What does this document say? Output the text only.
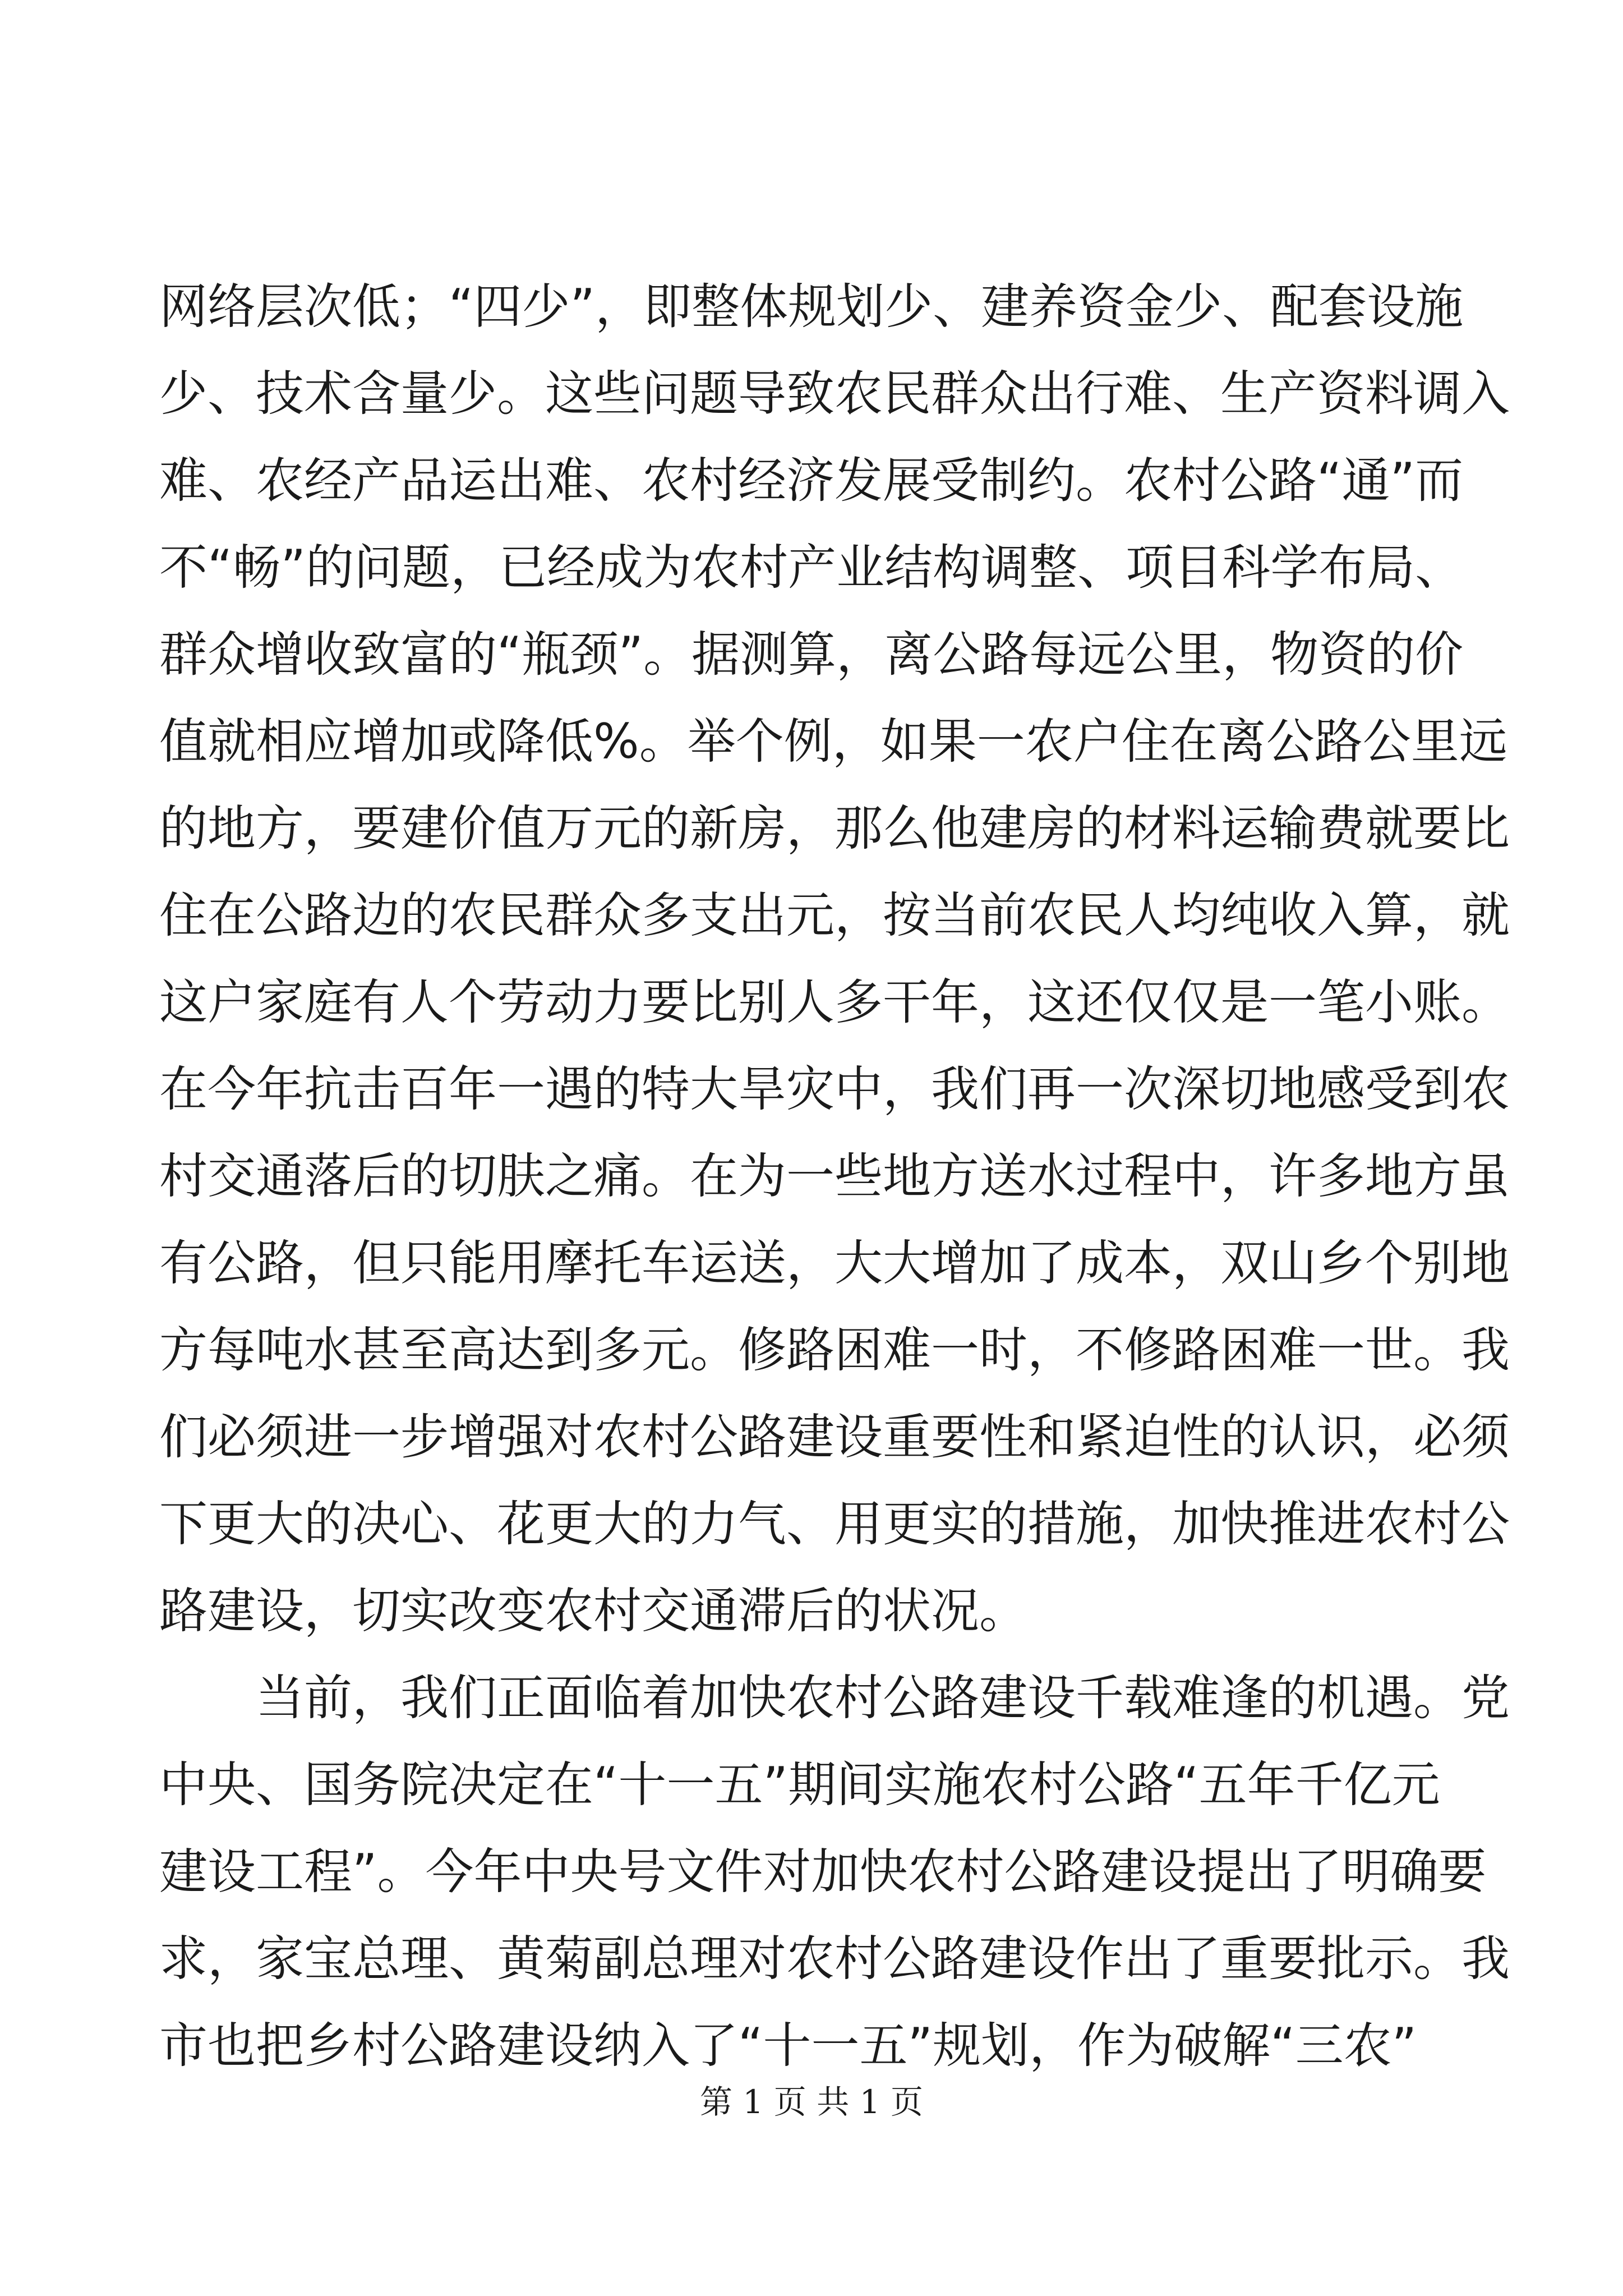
网络层次低；“四少”，即整体规划少、建养资金少、配套设施
少、技术含量少。这些问题导致农民群众出行难、生产资料调入
难、农经产品运出难、农村经济发展受制约。农村公路“通”而
不“畅”的问题，已经成为农村产业结构调整、项目科学布局、
群众增收致富的“瓶颈”。据测算，离公路每远公里，物资的价
值就相应增加或降低%。举个例，如果一农户住在离公路公里远
的地方，要建价值万元的新房，那么他建房的材料运输费就要比
住在公路边的农民群众多支出元，按当前农民人均纯收入算，就
这户家庭有人个劳动力要比别人多干年，这还仅仅是一笔小账。
在今年抗击百年一遇的特大旱灾中，我们再一次深切地感受到农
村交通落后的切肤之痛。在为一些地方送水过程中，许多地方虽
有公路，但只能用摩托车运送，大大增加了成本，双山乡个别地
方每吨水甚至高达到多元。修路困难一时，不修路困难一世。我
们必须进一步增强对农村公路建设重要性和紧迫性的认识，必须
下更大的决心、花更大的力气、用更实的措施，加快推进农村公
路建设，切实改变农村交通滞后的状况。
当前，我们正面临着加快农村公路建设千载难逢的机遇。党
中央、国务院决定在“十一五”期间实施农村公路“五年千亿元
建设工程”。今年中央号文件对加快农村公路建设提出了明确要
求，家宝总理、黄菊副总理对农村公路建设作出了重要批示。我
市也把乡村公路建设纳入了“十一五”规划，作为破解“三农”
第 1 页 共 1 页
